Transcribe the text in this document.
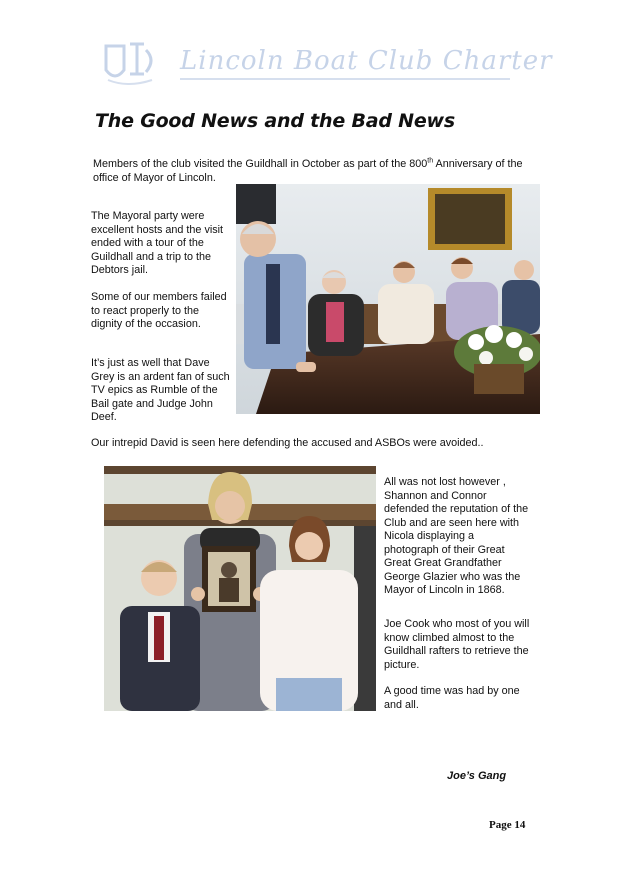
Lincoln Boat Club Charter
The Good News and the Bad News

Members of the club visited the Guildhall in October as part of the 800th Anniversary of the office of Mayor of Lincoln.

The Mayoral party were excellent hosts and the visit ended with a tour of the Guildhall and a trip to the Debtors jail.

Some of our members failed to react properly to the dignity of the occasion.

It’s just as well that Dave Grey is an ardent fan of such TV epics as Rumble of the Bail gate and Judge John Deef.

Our intrepid David is seen here defending the accused and ASBOs were avoided..

All was not lost however , Shannon and Connor defended the reputation of the Club and are seen here with Nicola displaying a photograph of their Great Great Great Grandfather George Glazier who was the Mayor of Lincoln in 1868.

Joe Cook who most of you will know climbed almost to the Guildhall rafters to retrieve the picture.

A good time was had by one and all.

Joe’s Gang
Page 14
